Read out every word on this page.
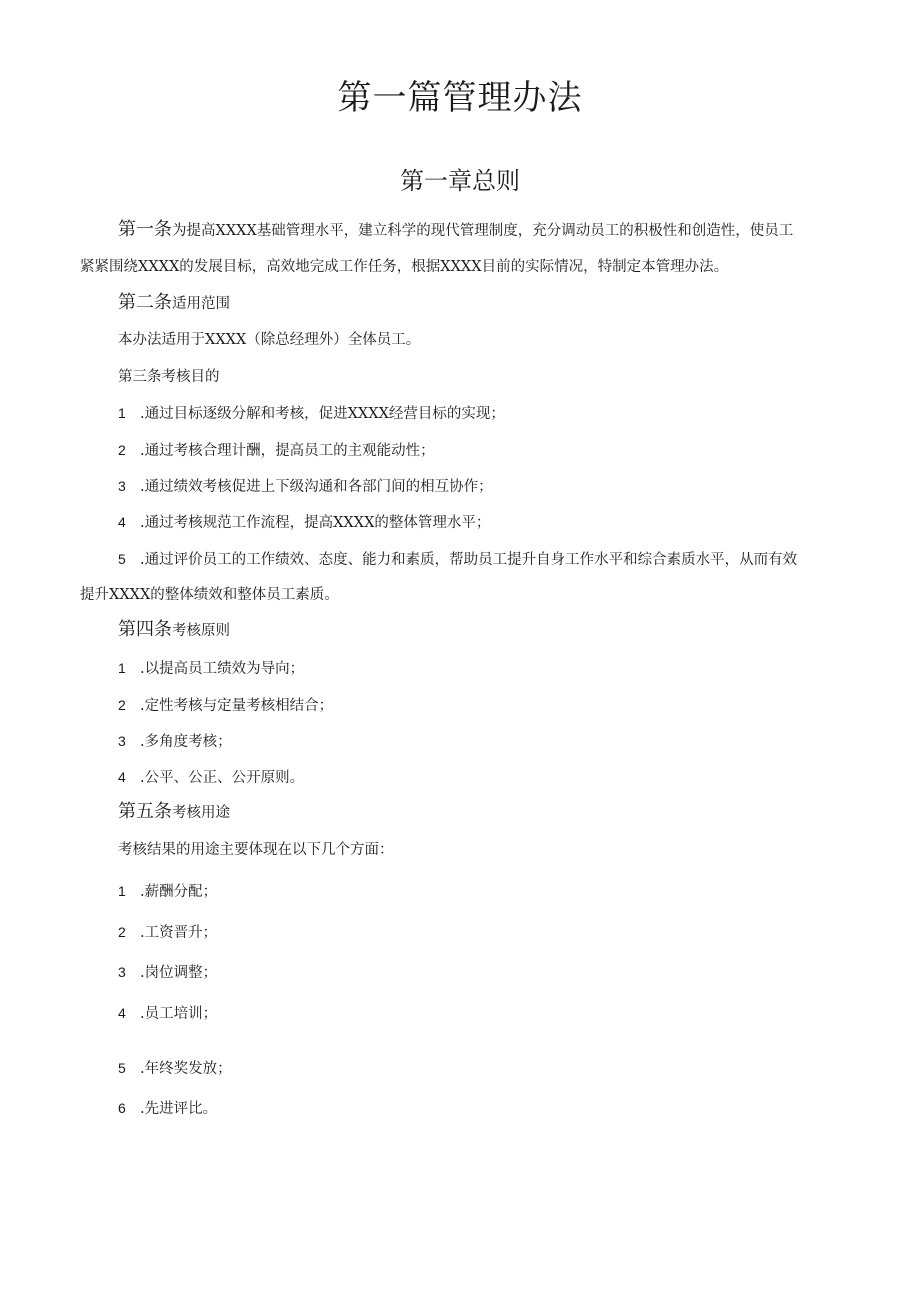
第一篇管理办法
第一章总则
第一条为提高XXXX基础管理水平，建立科学的现代管理制度，充分调动员工的积极性和创造性，使员工
紧紧围绕XXXX的发展目标，高效地完成工作任务，根据XXXX目前的实际情况，特制定本管理办法。
第二条适用范围
本办法适用于XXXX（除总经理外）全体员工。
第三条考核目的
1 .通过目标逐级分解和考核，促进XXXX经营目标的实现；
2 .通过考核合理计酬，提高员工的主观能动性；
3 .通过绩效考核促进上下级沟通和各部门间的相互协作；
4 .通过考核规范工作流程，提高XXXX的整体管理水平；
5 .通过评价员工的工作绩效、态度、能力和素质，帮助员工提升自身工作水平和综合素质水平，从而有效
提升XXXX的整体绩效和整体员工素质。
第四条考核原则
1 .以提高员工绩效为导向；
2 .定性考核与定量考核相结合；
3 .多角度考核；
4 .公平、公正、公开原则。
第五条考核用途
考核结果的用途主要体现在以下几个方面：
1 .薪酬分配；
2 .工资晋升；
3 .岗位调整；
4 .员工培训；
5 .年终奖发放；
6 .先进评比。
